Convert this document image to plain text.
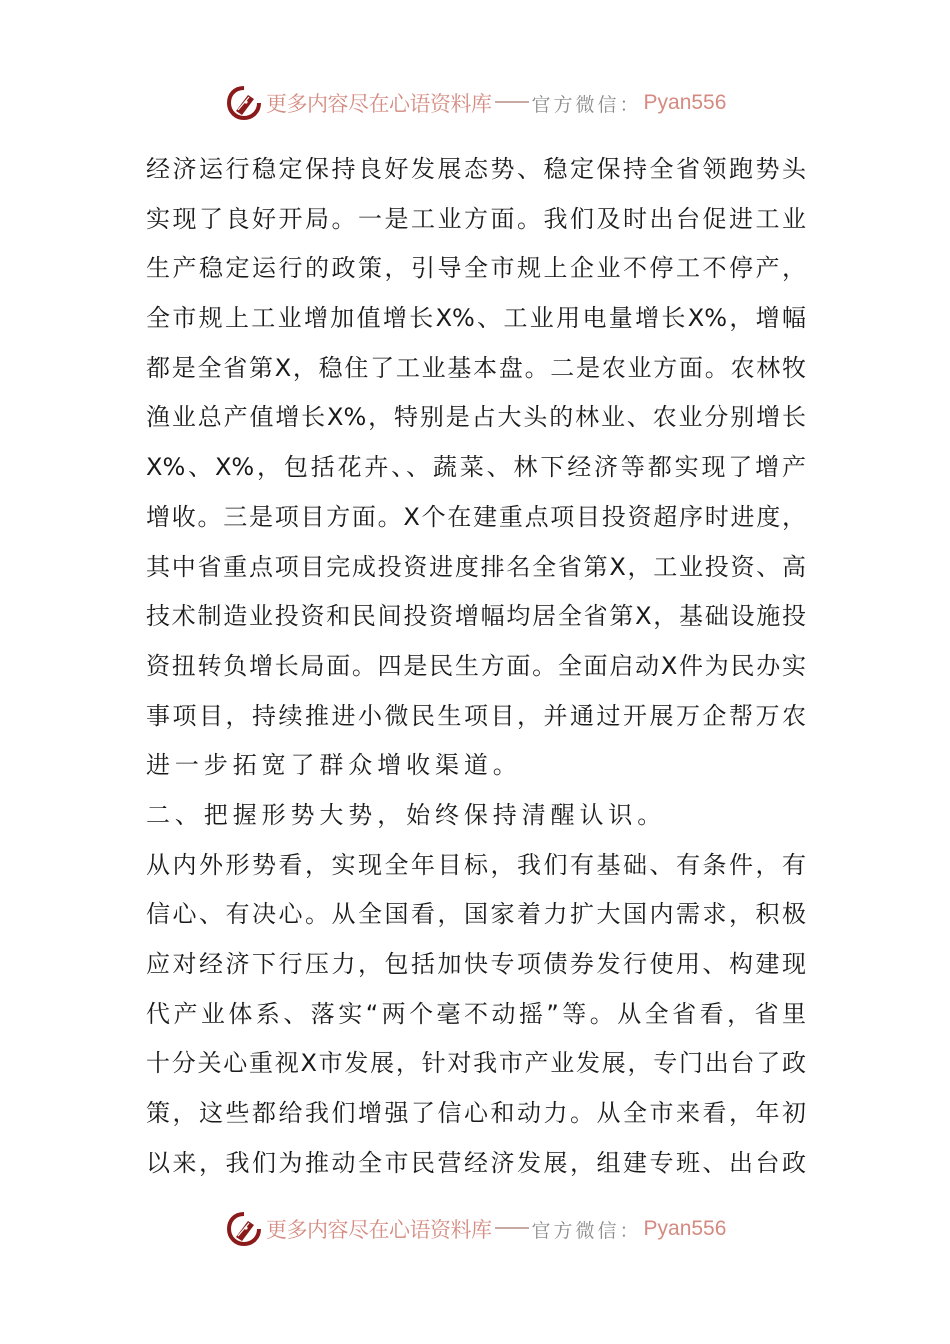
更多内容尽在心语资料库 官方微信： Pyan556
经济运行稳定保持良好发展态势、稳定保持全省领跑势头
实现了良好开局。一是工业方面。我们及时出台促进工业
生产稳定运行的政策，引导全市规上企业不停工不停产，
全市规上工业增加值增长X%、工业用电量增长X%，增幅
都是全省第X，稳住了工业基本盘。二是农业方面。农林牧
渔业总产值增长X%，特别是占大头的林业、农业分别增长
X%、X%，包括花卉、、蔬菜、林下经济等都实现了增产
增收。三是项目方面。X个在建重点项目投资超序时进度，
其中省重点项目完成投资进度排名全省第X，工业投资、高
技术制造业投资和民间投资增幅均居全省第X，基础设施投
资扭转负增长局面。四是民生方面。全面启动X件为民办实
事项目，持续推进小微民生项目，并通过开展万企帮万农
进一步拓宽了群众增收渠道。
二、把握形势大势，始终保持清醒认识。
从内外形势看，实现全年目标，我们有基础、有条件，有
信心、有决心。从全国看，国家着力扩大国内需求，积极
应对经济下行压力，包括加快专项债券发行使用、构建现
代产业体系、落实“两个毫不动摇”等。从全省看，省里
十分关心重视X市发展，针对我市产业发展，专门出台了政
策，这些都给我们增强了信心和动力。从全市来看，年初
以来，我们为推动全市民营经济发展，组建专班、出台政
更多内容尽在心语资料库 官方微信： Pyan556
